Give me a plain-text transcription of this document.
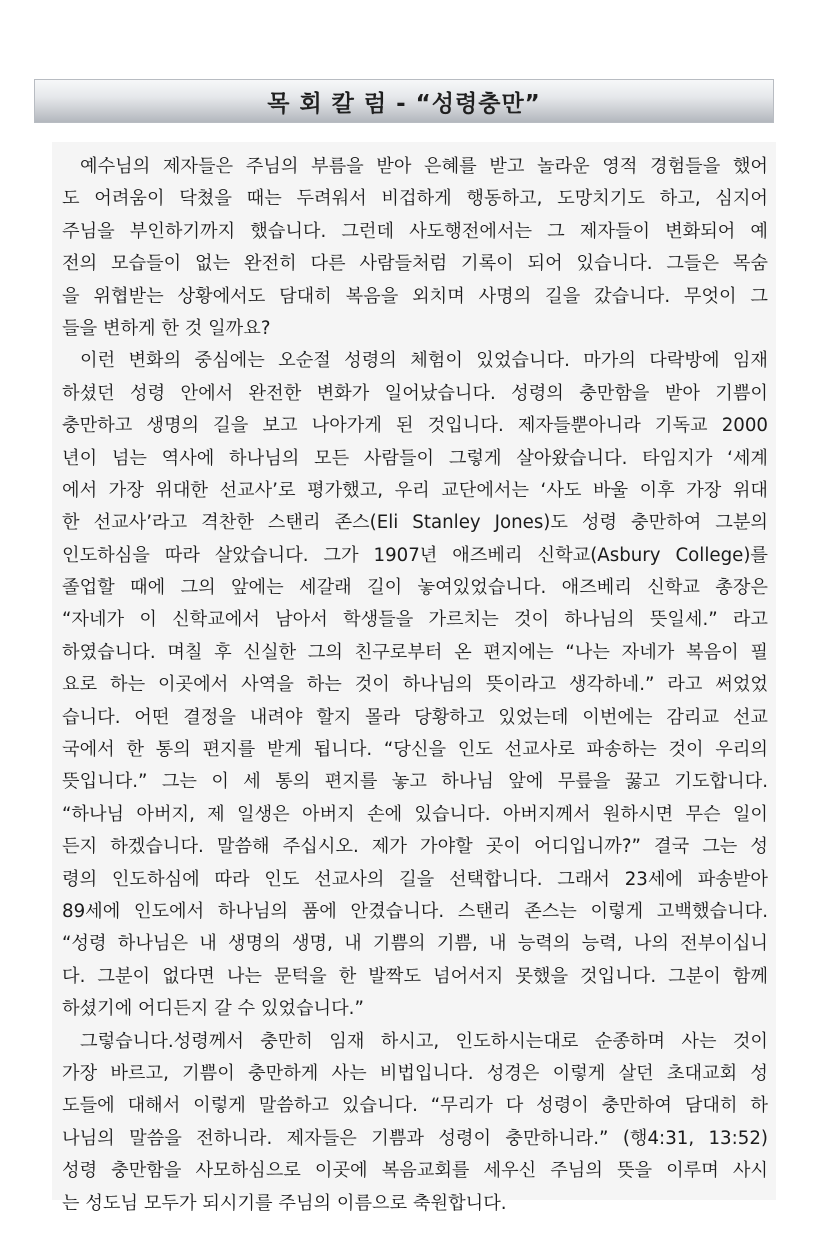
목 회 칼 럼 - “성령충만”
예수님의 제자들은 주님의 부름을 받아 은혜를 받고 놀라운 영적 경험들을 했어
도 어려움이 닥쳤을 때는 두려워서 비겁하게 행동하고, 도망치기도 하고, 심지어
주님을 부인하기까지 했습니다. 그런데 사도행전에서는 그 제자들이 변화되어 예
전의 모습들이 없는 완전히 다른 사람들처럼 기록이 되어 있습니다. 그들은 목숨
을 위협받는 상황에서도 담대히 복음을 외치며 사명의 길을 갔습니다. 무엇이 그
들을 변하게 한 것 일까요?
이런 변화의 중심에는 오순절 성령의 체험이 있었습니다. 마가의 다락방에 임재
하셨던 성령 안에서 완전한 변화가 일어났습니다. 성령의 충만함을 받아 기쁨이
충만하고 생명의 길을 보고 나아가게 된 것입니다. 제자들뿐아니라 기독교 2000
년이 넘는 역사에 하나님의 모든 사람들이 그렇게 살아왔습니다. 타임지가 ‘세계
에서 가장 위대한 선교사’로 평가했고, 우리 교단에서는 ‘사도 바울 이후 가장 위대
한 선교사’라고 격찬한 스탠리 존스(Eli Stanley Jones)도 성령 충만하여 그분의
인도하심을 따라 살았습니다. 그가 1907년 애즈베리 신학교(Asbury College)를
졸업할 때에 그의 앞에는 세갈래 길이 놓여있었습니다. 애즈베리 신학교 총장은
“자네가 이 신학교에서 남아서 학생들을 가르치는 것이 하나님의 뜻일세.” 라고
하였습니다. 며칠 후 신실한 그의 친구로부터 온 편지에는 “나는 자네가 복음이 필
요로 하는 이곳에서 사역을 하는 것이 하나님의 뜻이라고 생각하네.” 라고 써었었
습니다. 어떤 결정을 내려야 할지 몰라 당황하고 있었는데 이번에는 감리교 선교
국에서 한 통의 편지를 받게 됩니다. “당신을 인도 선교사로 파송하는 것이 우리의
뜻입니다.” 그는 이 세 통의 편지를 놓고 하나님 앞에 무릎을 꿇고 기도합니다.
“하나님 아버지, 제 일생은 아버지 손에 있습니다. 아버지께서 원하시면 무슨 일이
든지 하겠습니다. 말씀해 주십시오. 제가 가야할 곳이 어디입니까?” 결국 그는 성
령의 인도하심에 따라 인도 선교사의 길을 선택합니다. 그래서 23세에 파송받아
89세에 인도에서 하나님의 품에 안겼습니다. 스탠리 존스는 이렇게 고백했습니다.
“성령 하나님은 내 생명의 생명, 내 기쁨의 기쁨, 내 능력의 능력, 나의 전부이십니
다. 그분이 없다면 나는 문턱을 한 발짝도 넘어서지 못했을 것입니다. 그분이 함께
하셨기에 어디든지 갈 수 있었습니다.”
그렇습니다.성령께서 충만히 임재 하시고, 인도하시는대로 순종하며 사는 것이
가장 바르고, 기쁨이 충만하게 사는 비법입니다. 성경은 이렇게 살던 초대교회 성
도들에 대해서 이렇게 말씀하고 있습니다. “무리가 다 성령이 충만하여 담대히 하
나님의 말씀을 전하니라. 제자들은 기쁨과 성령이 충만하니라.” (행4:31, 13:52)
성령 충만함을 사모하심으로 이곳에 복음교회를 세우신 주님의 뜻을 이루며 사시
는 성도님 모두가 되시기를 주님의 이름으로 축원합니다.
